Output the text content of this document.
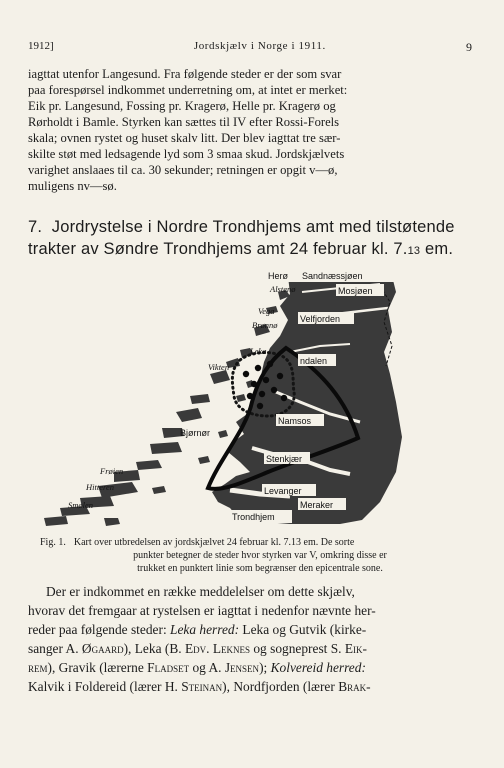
1912]	Jordskjælv i Norge i 1911.	9

iagttat utenfor Langesund. Fra følgende steder er der som svar

paa forespørsel indkommet underretning om, at intet er merket:

Eik pr. Langesund, Fossing pr. Kragerø, Helle pr. Kragerø og

Rørholdt i Bamle. Styrken kan sættes til IV efter Rossi-Forels

skala; ovnen rystet og huset skalv litt. Der blev iagttat tre sær-

skilte støt med ledsagende lyd som 3 smaa skud. Jordskjælvets

varighet anslaaes til ca. 30 sekunder; retningen er opgit v—ø,

muligens nv—sø.

7. Jordrystelse i Nordre Trondhjems amt med tilstøtende
trakter av Søndre Trondhjems amt 24 februar kl. 7.13 em.
Herø Sandnæssjøen
Alstenø	Mosjøen
Vega
Brønnø
Velfjorden
Leka
Vikten
ndalen
Namsos
Bjørnør
Stenkjær
Frøien
Hitteren	Levanger
Smølen	Meraker
Trondhjem
Fig. 1. Kart over utbredelsen av jordskjælvet 24 februar kl. 7.13 em. De sorte
punkter betegner de steder hvor styrken var V, omkring disse er
trukket en punktert linie som begrænser den epicentrale sone.

Der er indkommet en række meddelelser om dette skjælv,

hvorav det fremgaar at rystelsen er iagttat i nedenfor nævnte her-
reder paa følgende steder: Leka herred: Leka og Gutvik (kirke-
sanger A. Øgaard), Leka (B. Edv. Leknes og sogneprest S. Eik-
rem), Gravik (lærerne Fladset og A. Jensen); Kolvereid herred:
Kalvik i Foldereid (lærer H. Steinan), Nordfjorden (lærer Brak-
